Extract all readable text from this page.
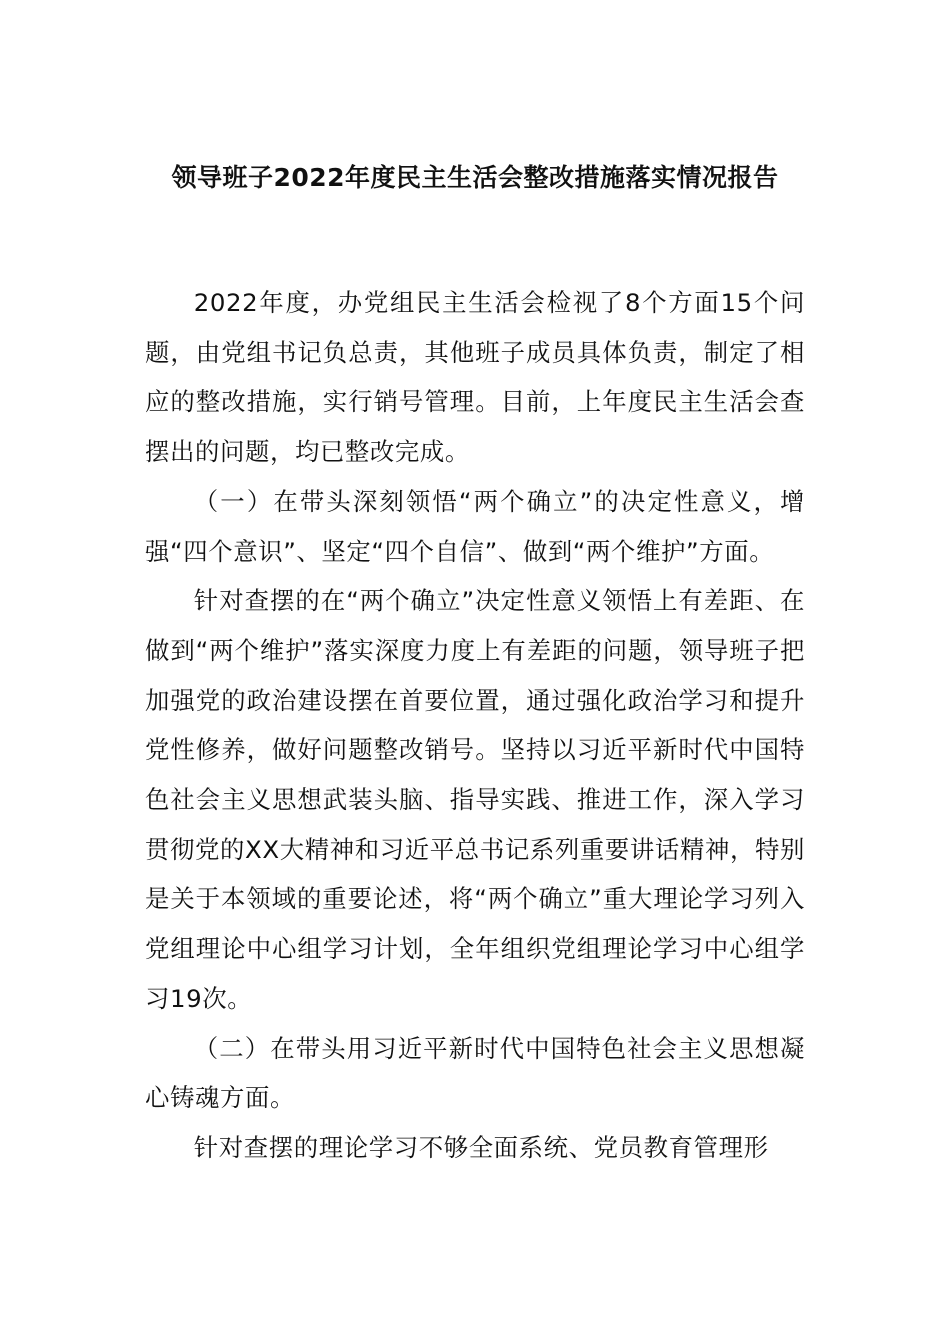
领导班子2022年度民主生活会整改措施落实情况报告

2022年度，办党组民主生活会检视了8个方面15个问题，由党组书记负总责，其他班子成员具体负责，制定了相应的整改措施，实行销号管理。目前，上年度民主生活会查摆出的问题，均已整改完成。

（一）在带头深刻领悟“两个确立”的决定性意义，增强“四个意识”、坚定“四个自信”、做到“两个维护”方面。

针对查摆的在“两个确立”决定性意义领悟上有差距、在做到“两个维护”落实深度力度上有差距的问题，领导班子把加强党的政治建设摆在首要位置，通过强化政治学习和提升党性修养，做好问题整改销号。坚持以习近平新时代中国特色社会主义思想武装头脑、指导实践、推进工作，深入学习贯彻党的XX大精神和习近平总书记系列重要讲话精神，特别是关于本领域的重要论述，将“两个确立”重大理论学习列入党组理论中心组学习计划，全年组织党组理论学习中心组学习19次。

（二）在带头用习近平新时代中国特色社会主义思想凝心铸魂方面。

针对查摆的理论学习不够全面系统、党员教育管理形
